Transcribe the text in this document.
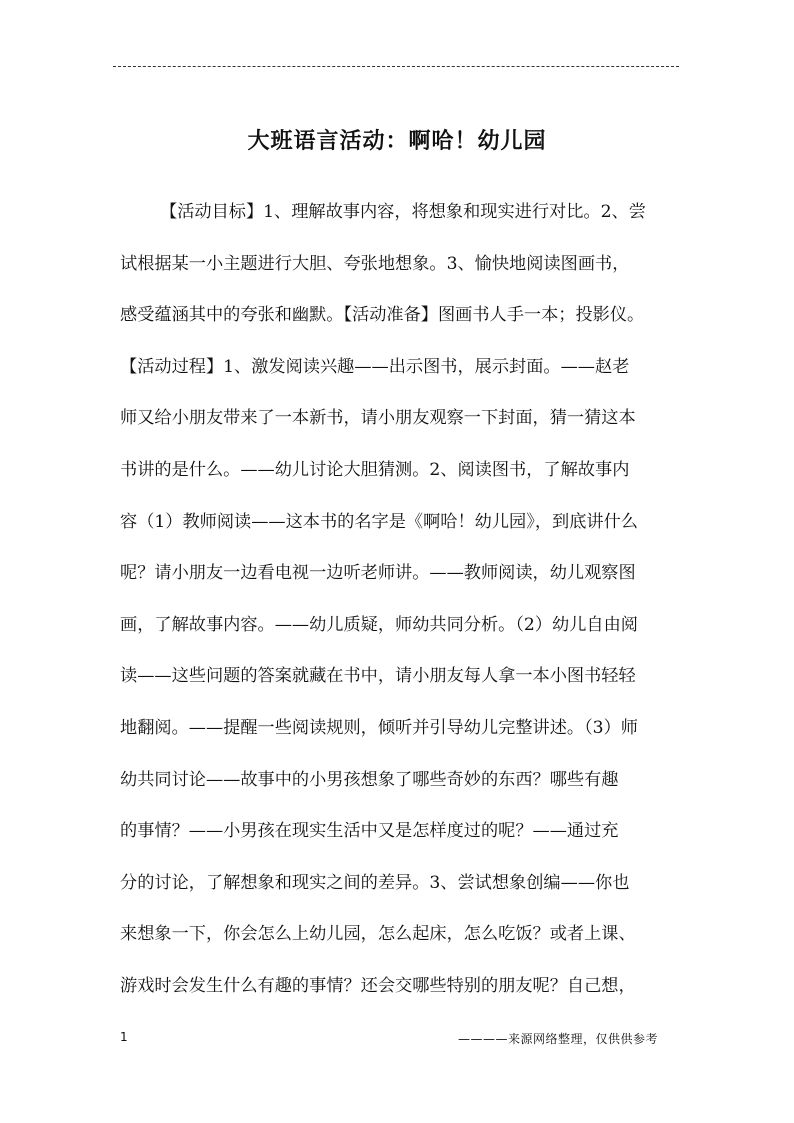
大班语言活动：啊哈！幼儿园
【活动目标】1、理解故事内容，将想象和现实进行对比。2、尝
试根据某一小主题进行大胆、夸张地想象。3、愉快地阅读图画书，
感受蕴涵其中的夸张和幽默。【活动准备】图画书人手一本；投影仪。
【活动过程】1、激发阅读兴趣——出示图书，展示封面。——赵老
师又给小朋友带来了一本新书，请小朋友观察一下封面，猜一猜这本
书讲的是什么。——幼儿讨论大胆猜测。2、阅读图书，了解故事内
容（1）教师阅读——这本书的名字是《啊哈！幼儿园》，到底讲什么
呢？请小朋友一边看电视一边听老师讲。——教师阅读，幼儿观察图
画，了解故事内容。——幼儿质疑，师幼共同分析。（2）幼儿自由阅
读——这些问题的答案就藏在书中，请小朋友每人拿一本小图书轻轻
地翻阅。——提醒一些阅读规则，倾听并引导幼儿完整讲述。（3）师
幼共同讨论——故事中的小男孩想象了哪些奇妙的东西？哪些有趣
的事情？——小男孩在现实生活中又是怎样度过的呢？——通过充
分的讨论，了解想象和现实之间的差异。3、尝试想象创编——你也
来想象一下，你会怎么上幼儿园，怎么起床，怎么吃饭？或者上课、
游戏时会发生什么有趣的事情？还会交哪些特别的朋友呢？自己想，
1	————来源网络整理，仅供供参考
